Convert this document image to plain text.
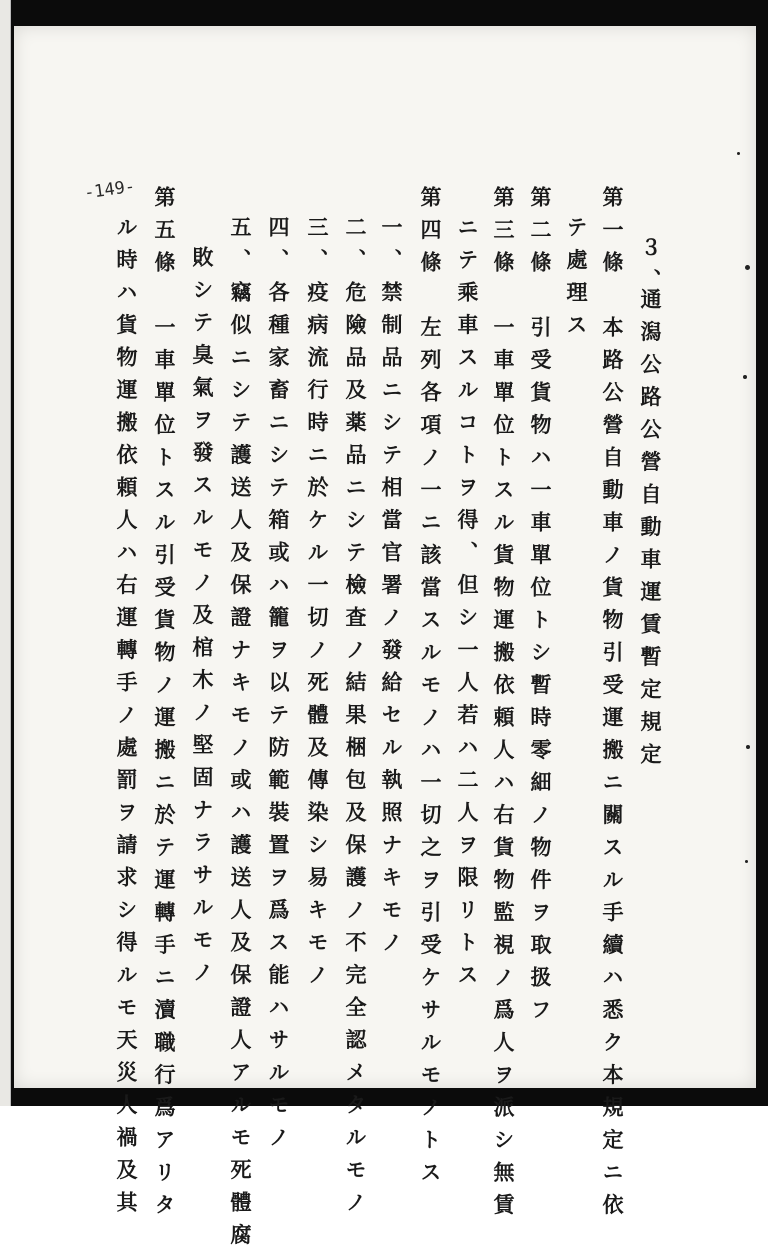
３、
通潟公路公營自動車運賃暫定規定
第一條　本路公營自動車ノ貨物引受運搬ニ關スル手續ハ悉ク本規定ニ依
テ處理ス
第二條　引受貨物ハ一車單位トシ暫時零細ノ物件ヲ取扱フ
第三條　一車單位トスル貨物運搬依頼人ハ右貨物監視ノ爲人ヲ派シ無賃
ニテ乘車スルコトヲ得、但シ一人若ハ二人ヲ限リトス
第四條　左列各項ノ一ニ該當スルモノハ一切之ヲ引受ケサルモノトス
一、禁制品ニシテ相當官署ノ發給セル執照ナキモノ
二、危險品及薬品ニシテ檢査ノ結果梱包及保護ノ不完全認メタルモノ
三、疫病流行時ニ於ケル一切ノ死體及傳染シ易キモノ
四、各種家畜ニシテ箱或ハ籠ヲ以テ防範裝置ヲ爲ス能ハサルモノ
五、竊似ニシテ護送人及保證ナキモノ或ハ護送人及保證人アルモ死體腐
敗シテ臭氣ヲ發スルモノ及棺木ノ堅固ナラサルモノ
第五條　一車單位トスル引受貨物ノ運搬ニ於テ運轉手ニ瀆職行爲アリタ
ル時ハ貨物運搬依頼人ハ右運轉手ノ處罰ヲ請求シ得ルモ天災人禍及其
-149-
